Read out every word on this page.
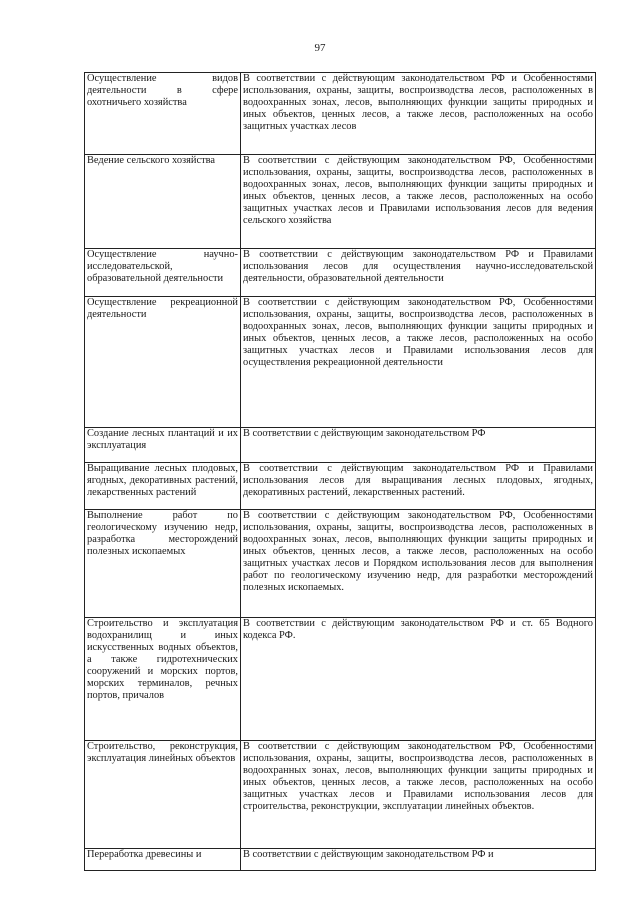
97
Осуществление видов деятельности в сфере охотничьего хозяйства	В соответствии с действующим законодательством РФ и Особенностями использования, охраны, защиты, воспроизводства лесов, расположенных в водоохранных зонах, лесов, выполняющих функции защиты природных и иных объектов, ценных лесов, а также лесов, расположенных на особо защитных участках лесов
Ведение сельского хозяйства	В соответствии с действующим законодательством РФ, Особенностями использования, охраны, защиты, воспроизводства лесов, расположенных в водоохранных зонах, лесов, выполняющих функции защиты природных и иных объектов, ценных лесов, а также лесов, расположенных на особо защитных участках лесов и Правилами использования лесов для ведения сельского хозяйства
Осуществление научно-исследовательской, образовательной деятельности	В соответствии с действующим законодательством РФ и Правилами использования лесов для осуществления научно-исследовательской деятельности, образовательной деятельности
Осуществление рекреационной деятельности	В соответствии с действующим законодательством РФ, Особенностями использования, охраны, защиты, воспроизводства лесов, расположенных в водоохранных зонах, лесов, выполняющих функции защиты природных и иных объектов, ценных лесов, а также лесов, расположенных на особо защитных участках лесов и Правилами использования лесов для осуществления рекреационной деятельности
Создание лесных плантаций и их эксплуатация	В соответствии с действующим законодательством РФ
Выращивание лесных плодовых, ягодных, декоративных растений, лекарственных растений	В соответствии с действующим законодательством РФ и Правилами использования лесов для выращивания лесных плодовых, ягодных, декоративных растений, лекарственных растений.
Выполнение работ по геологическому изучению недр, разработка месторождений полезных ископаемых	В соответствии с действующим законодательством РФ, Особенностями использования, охраны, защиты, воспроизводства лесов, расположенных в водоохранных зонах, лесов, выполняющих функции защиты природных и иных объектов, ценных лесов, а также лесов, расположенных на особо защитных участках лесов и Порядком использования лесов для выполнения работ по геологическому изучению недр, для разработки месторождений полезных ископаемых.
Строительство и эксплуатация водохранилищ и иных искусственных водных объектов, а также гидротехнических сооружений и морских портов, морских терминалов, речных портов, причалов	В соответствии с действующим законодательством РФ и ст. 65 Водного кодекса РФ.
Строительство, реконструкция, эксплуатация линейных объектов	В соответствии с действующим законодательством РФ, Особенностями использования, охраны, защиты, воспроизводства лесов, расположенных в водоохранных зонах, лесов, выполняющих функции защиты природных и иных объектов, ценных лесов, а также лесов, расположенных на особо защитных участках лесов и Правилами использования лесов для строительства, реконструкции, эксплуатации линейных объектов.
Переработка древесины и	В соответствии с действующим законодательством РФ и
